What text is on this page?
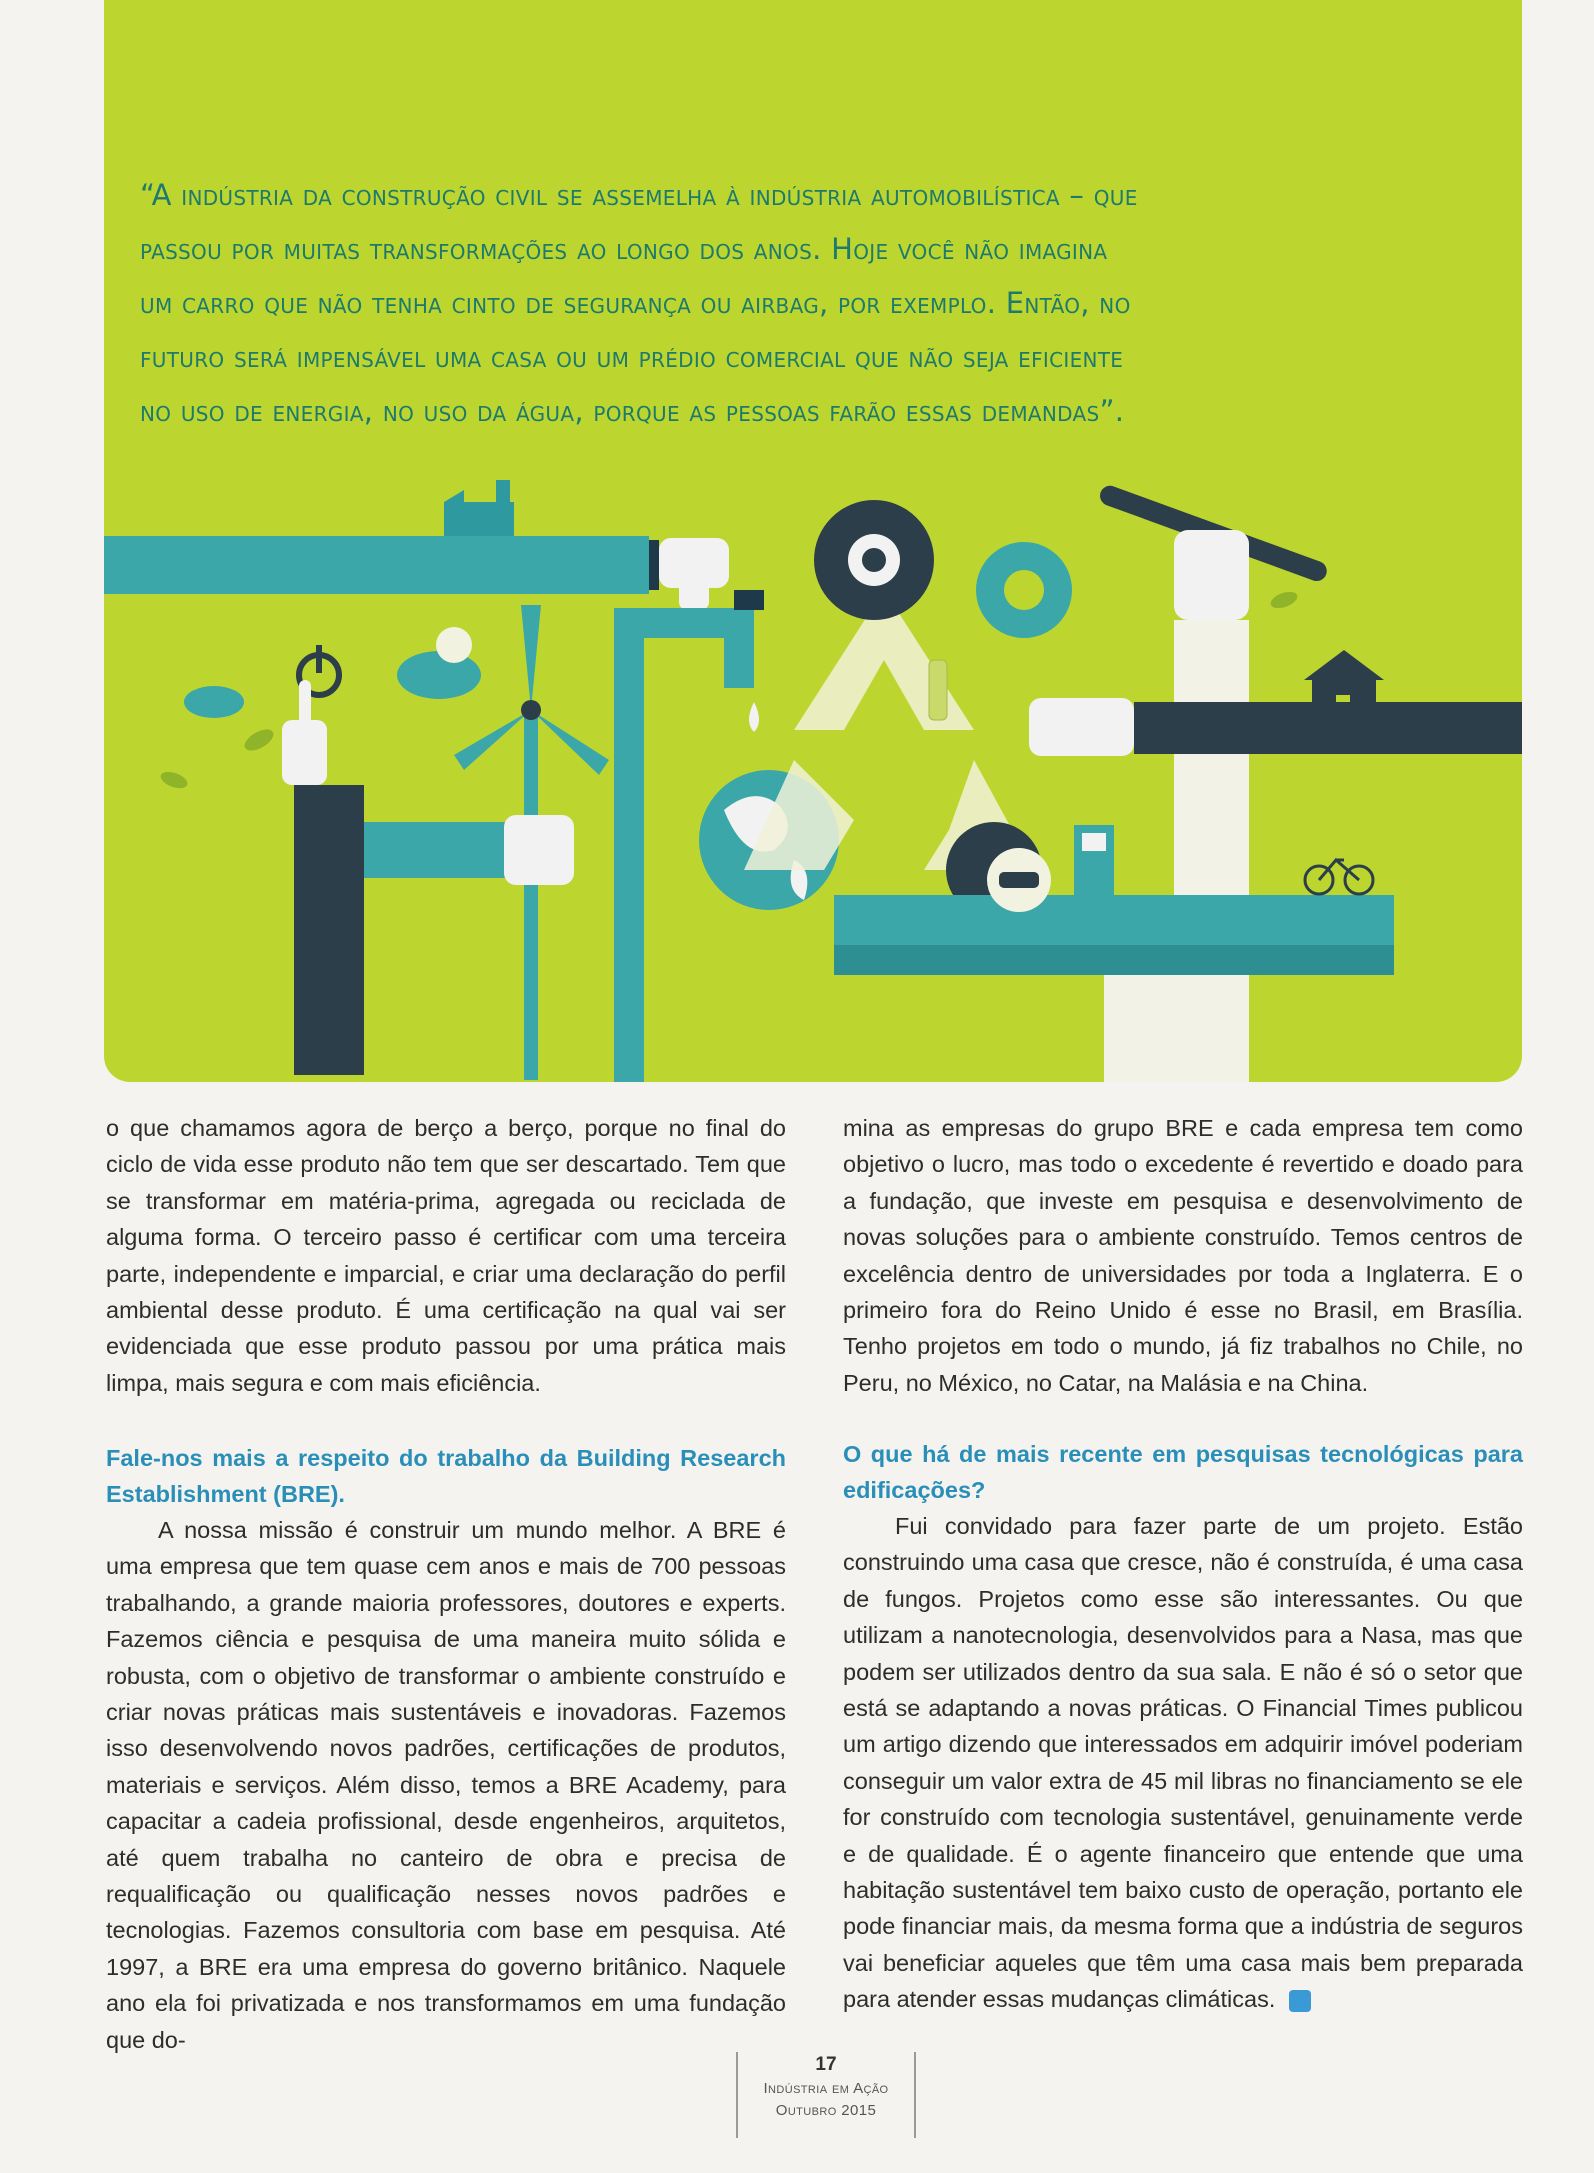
“A indústria da construção civil se assemelha à indústria automobilística – que
passou por muitas transformações ao longo dos anos. Hoje você não imagina
um carro que não tenha cinto de segurança ou airbag, por exemplo. Então, no
futuro será impensável uma casa ou um prédio comercial que não seja eficiente
no uso de energia, no uso da água, porque as pessoas farão essas demandas”.

o que chamamos agora de berço a berço, porque no final do ciclo de vida esse produto não tem que ser descartado. Tem que se transformar em matéria-prima, agregada ou reciclada de alguma forma. O terceiro passo é certificar com uma terceira parte, independente e imparcial, e criar uma declaração do perfil ambiental desse produto. É uma certificação na qual vai ser evidenciada que esse produto passou por uma prática mais limpa, mais segura e com mais eficiência.

Fale-nos mais a respeito do trabalho da Building Research Establishment (BRE).

A nossa missão é construir um mundo melhor. A BRE é uma empresa que tem quase cem anos e mais de 700 pessoas trabalhando, a grande maioria professores, doutores e experts. Fazemos ciência e pesquisa de uma maneira muito sólida e robusta, com o objetivo de transformar o ambiente construído e criar novas práticas mais sustentáveis e inovadoras. Fazemos isso desenvolvendo novos padrões, certificações de produtos, materiais e serviços. Além disso, temos a BRE Academy, para capacitar a cadeia profissional, desde engenheiros, arquitetos, até quem trabalha no canteiro de obra e precisa de requalificação ou qualificação nesses novos padrões e tecnologias. Fazemos consultoria com base em pesquisa. Até 1997, a BRE era uma empresa do governo britânico. Naquele ano ela foi privatizada e nos transformamos em uma fundação que do-

mina as empresas do grupo BRE e cada empresa tem como objetivo o lucro, mas todo o excedente é revertido e doado para a fundação, que investe em pesquisa e desenvolvimento de novas soluções para o ambiente construído. Temos centros de excelência dentro de universidades por toda a Inglaterra. E o primeiro fora do Reino Unido é esse no Brasil, em Brasília. Tenho projetos em todo o mundo, já fiz trabalhos no Chile, no Peru, no México, no Catar, na Malásia e na China.

O que há de mais recente em pesquisas tecnológicas para edificações?

Fui convidado para fazer parte de um projeto. Estão construindo uma casa que cresce, não é construída, é uma casa de fungos. Projetos como esse são interessantes. Ou que utilizam a nanotecnologia, desenvolvidos para a Nasa, mas que podem ser utilizados dentro da sua sala. E não é só o setor que está se adaptando a novas práticas. O Financial Times publicou um artigo dizendo que interessados em adquirir imóvel poderiam conseguir um valor extra de 45 mil libras no financiamento se ele for construído com tecnologia sustentável, genuinamente verde e de qualidade. É o agente financeiro que entende que uma habitação sustentável tem baixo custo de operação, portanto ele pode financiar mais, da mesma forma que a indústria de seguros vai beneficiar aqueles que têm uma casa mais bem preparada para atender essas mudanças climáticas.

17
Indústria em Ação
Outubro 2015
